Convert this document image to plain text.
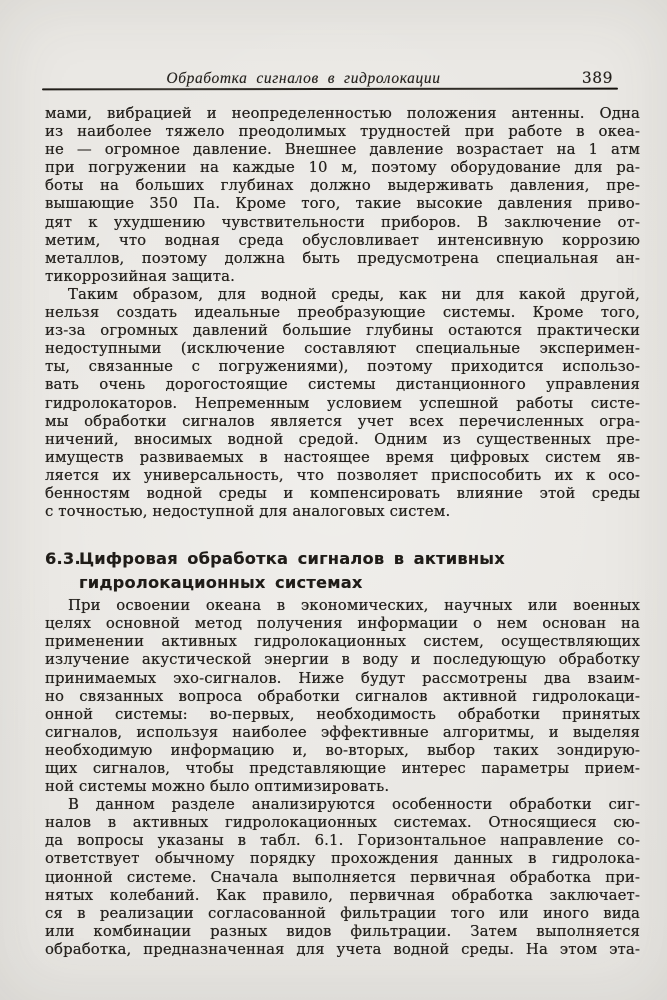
Обработка сигналов в гидролокации	389
мами, вибрацией и неопределенностью положения антенны. Одна
из наиболее тяжело преодолимых трудностей при работе в океа-
не — огромное давление. Внешнее давление возрастает на 1 атм
при погружении на каждые 10 м, поэтому оборудование для ра-
боты на больших глубинах должно выдерживать давления, пре-
вышающие 350 Па. Кроме того, такие высокие давления приво-
дят к ухудшению чувствительности приборов. В заключение от-
метим, что водная среда обусловливает интенсивную коррозию
металлов, поэтому должна быть предусмотрена специальная ан-
тикоррозийная защита.
Таким образом, для водной среды, как ни для какой другой,
нельзя создать идеальные преобразующие системы. Кроме того,
из-за огромных давлений большие глубины остаются практически
недоступными (исключение составляют специальные эксперимен-
ты, связанные с погружениями), поэтому приходится использо-
вать очень дорогостоящие системы дистанционного управления
гидролокаторов. Непременным условием успешной работы систе-
мы обработки сигналов является учет всех перечисленных огра-
ничений, вносимых водной средой. Одним из существенных пре-
имуществ развиваемых в настоящее время цифровых систем яв-
ляется их универсальность, что позволяет приспособить их к осо-
бенностям водной среды и компенсировать влияние этой среды
с точностью, недоступной для аналоговых систем.
6.3.Цифровая обработка сигналов в активных
гидролокационных системах
При освоении океана в экономических, научных или военных
целях основной метод получения информации о нем основан на
применении активных гидролокационных систем, осуществляющих
излучение акустической энергии в воду и последующую обработку
принимаемых эхо-сигналов. Ниже будут рассмотрены два взаим-
но связанных вопроса обработки сигналов активной гидролокаци-
онной системы: во-первых, необходимость обработки принятых
сигналов, используя наиболее эффективные алгоритмы, и выделяя
необходимую информацию и, во-вторых, выбор таких зондирую-
щих сигналов, чтобы представляющие интерес параметры прием-
ной системы можно было оптимизировать.
В данном разделе анализируются особенности обработки сиг-
налов в активных гидролокационных системах. Относящиеся сю-
да вопросы указаны в табл. 6.1. Горизонтальное направление со-
ответствует обычному порядку прохождения данных в гидролока-
ционной системе. Сначала выполняется первичная обработка при-
нятых колебаний. Как правило, первичная обработка заключает-
ся в реализации согласованной фильтрации того или иного вида
или комбинации разных видов фильтрации. Затем выполняется
обработка, предназначенная для учета водной среды. На этом эта-
